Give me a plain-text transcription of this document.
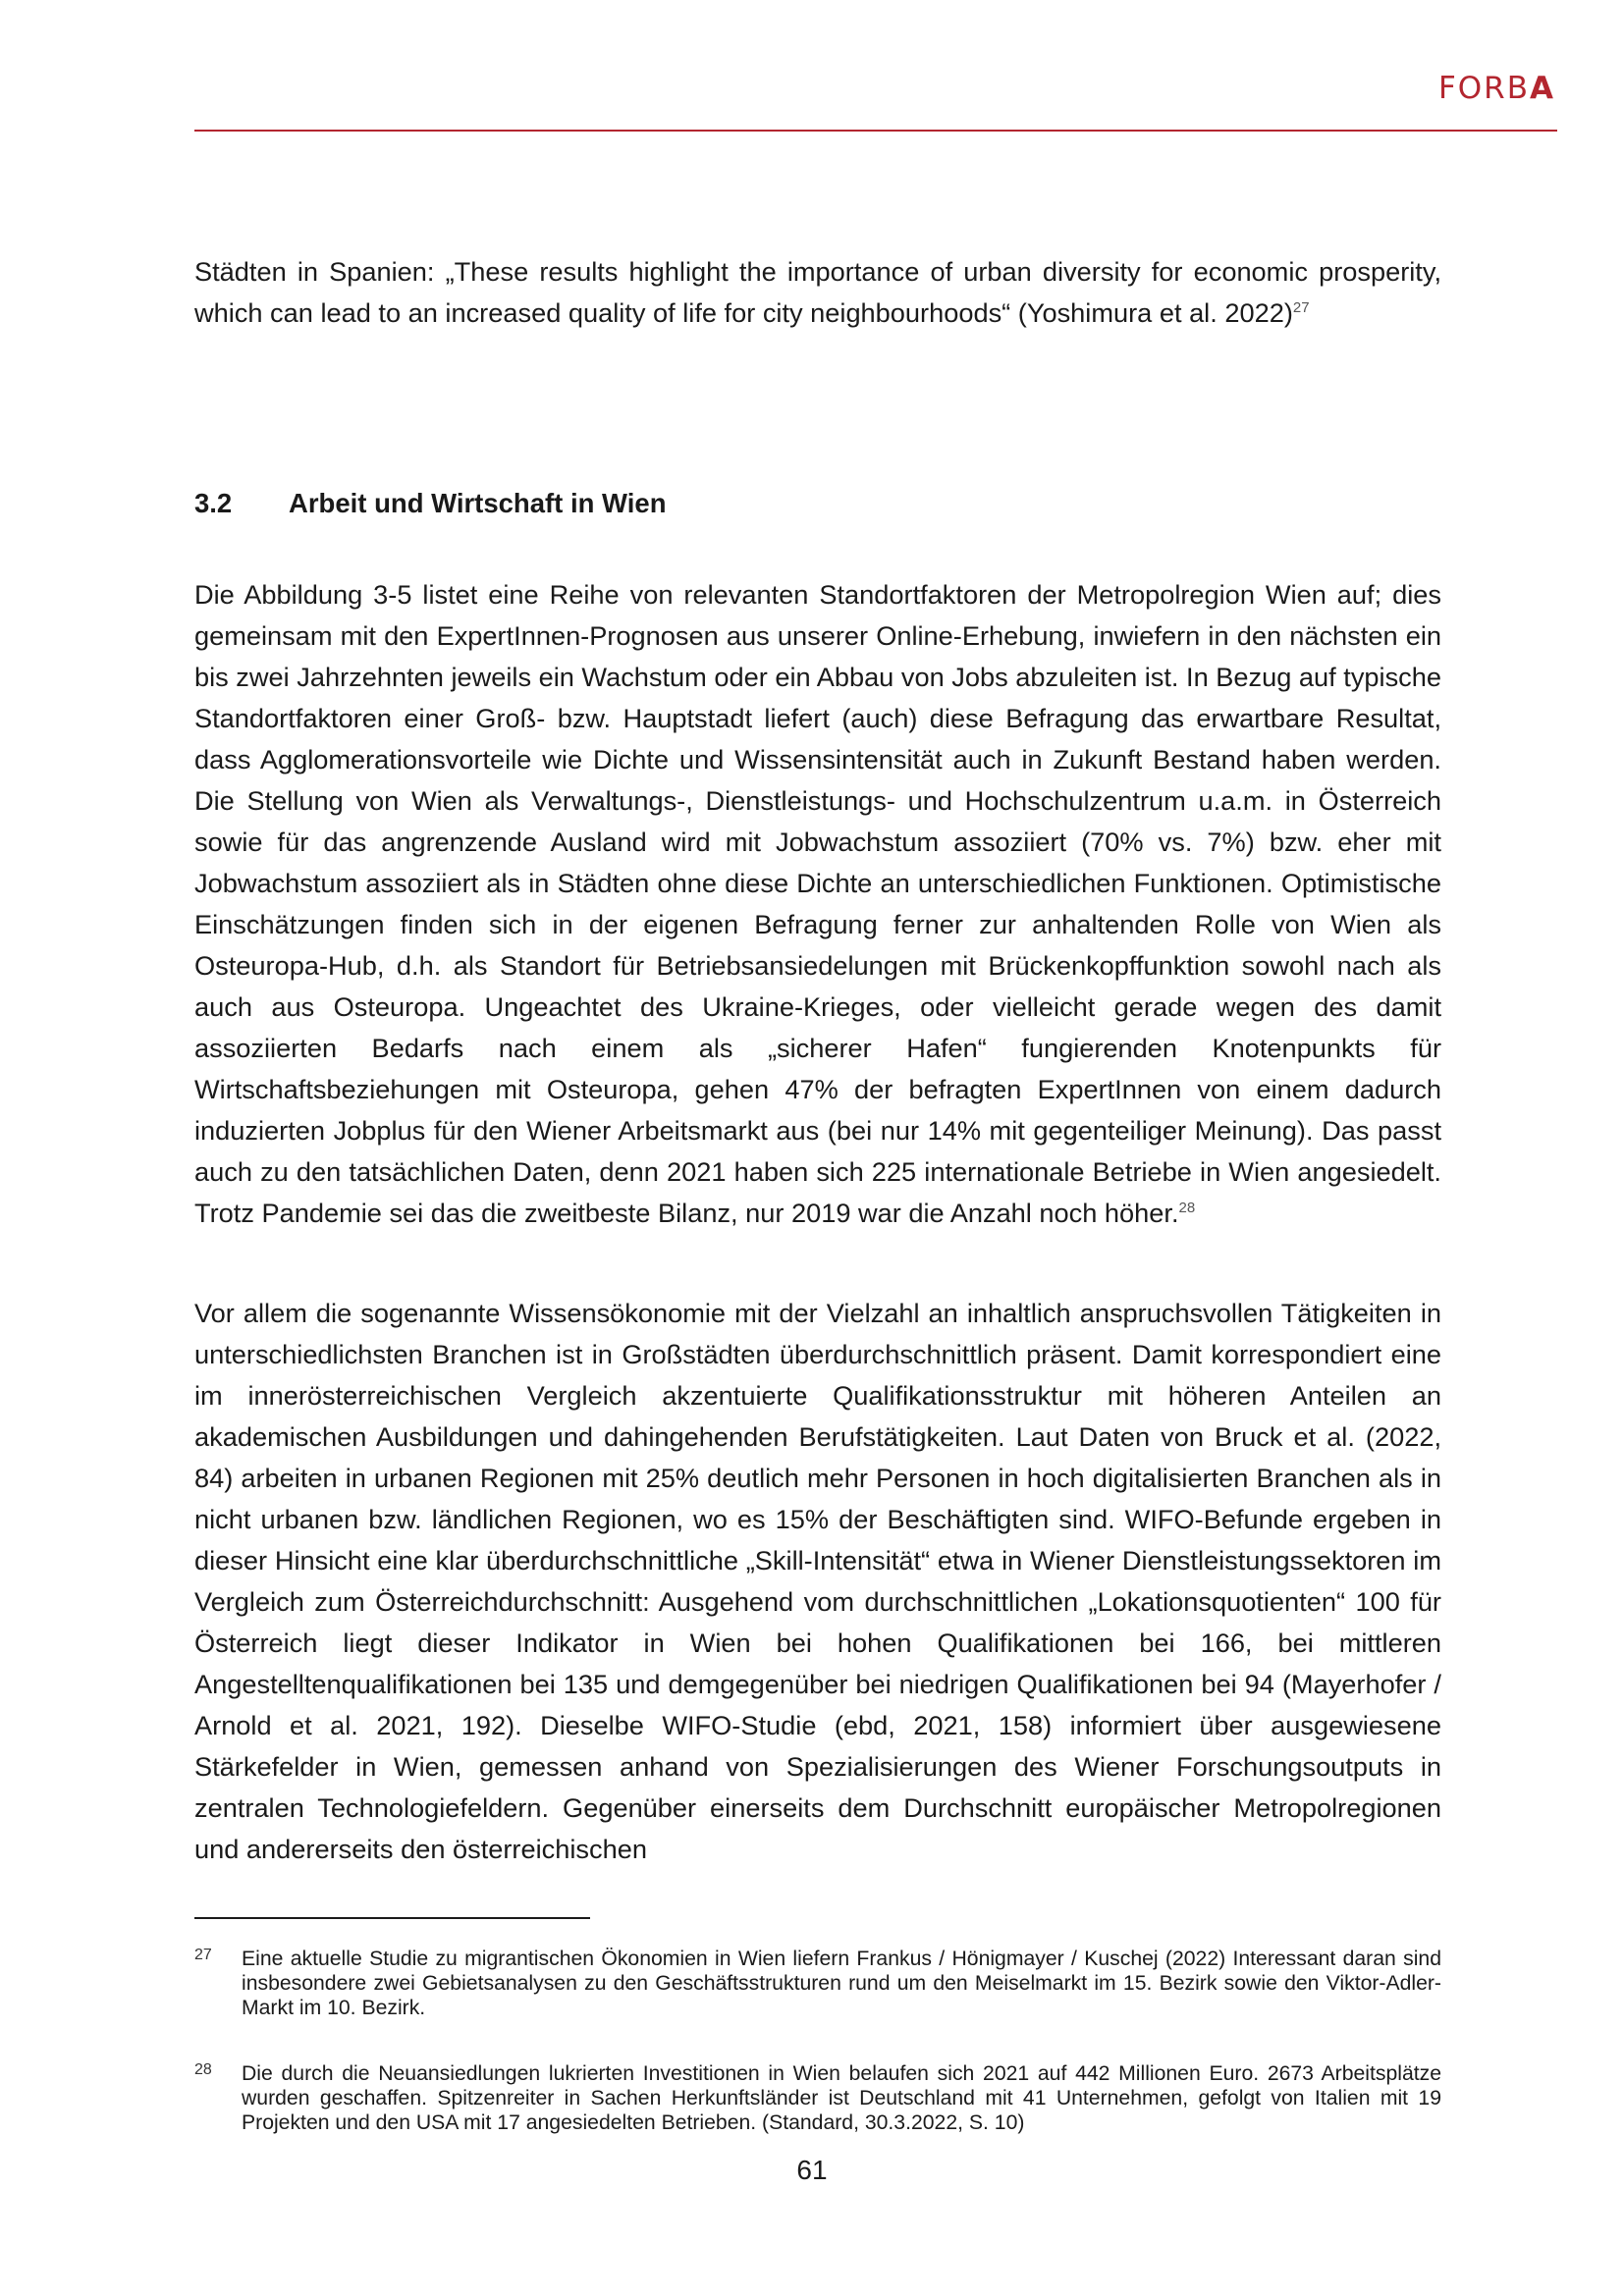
FORBA

Städten in Spanien: „These results highlight the importance of urban diversity for economic prosperity, which can lead to an increased quality of life for city neighbourhoods“ (Yoshimura et al. 2022)$^{27}$

3.2 Arbeit und Wirtschaft in Wien

Die Abbildung 3-5 listet eine Reihe von relevanten Standortfaktoren der Metropolregion Wien auf; dies gemeinsam mit den ExpertInnen-Prognosen aus unserer Online-Erhebung, inwiefern in den nächsten ein bis zwei Jahrzehnten jeweils ein Wachstum oder ein Abbau von Jobs abzuleiten ist. In Bezug auf typische Standortfaktoren einer Groß- bzw. Hauptstadt liefert (auch) diese Befragung das erwartbare Resultat, dass Agglomerationsvorteile wie Dichte und Wissensintensität auch in Zukunft Bestand haben werden. Die Stellung von Wien als Verwaltungs-, Dienstleistungs- und Hochschulzentrum u.a.m. in Österreich sowie für das angrenzende Ausland wird mit Jobwachstum assoziiert (70% vs. 7%) bzw. eher mit Jobwachstum assoziiert als in Städten ohne diese Dichte an unterschiedlichen Funktionen. Optimistische Einschätzungen finden sich in der eigenen Befragung ferner zur anhaltenden Rolle von Wien als Osteuropa-Hub, d.h. als Standort für Betriebsansiedelungen mit Brückenkopffunktion sowohl nach als auch aus Osteuropa. Ungeachtet des Ukraine-Krieges, oder vielleicht gerade wegen des damit assoziierten Bedarfs nach einem als „sicherer Hafen“ fungierenden Knotenpunkts für Wirtschaftsbeziehungen mit Osteuropa, gehen 47% der befragten ExpertInnen von einem dadurch induzierten Jobplus für den Wiener Arbeitsmarkt aus (bei nur 14% mit gegenteiliger Meinung). Das passt auch zu den tatsächlichen Daten, denn 2021 haben sich 225 internationale Betriebe in Wien angesiedelt. Trotz Pandemie sei das die zweitbeste Bilanz, nur 2019 war die Anzahl noch höher.$^{28}$

Vor allem die sogenannte Wissensökonomie mit der Vielzahl an inhaltlich anspruchsvollen Tätigkeiten in unterschiedlichsten Branchen ist in Großstädten überdurchschnittlich präsent. Damit korrespondiert eine im innerösterreichischen Vergleich akzentuierte Qualifikationsstruktur mit höheren Anteilen an akademischen Ausbildungen und dahingehenden Berufstätigkeiten. Laut Daten von Bruck et al. (2022, 84) arbeiten in urbanen Regionen mit 25% deutlich mehr Personen in hoch digitalisierten Branchen als in nicht urbanen bzw. ländlichen Regionen, wo es 15% der Beschäftigten sind. WIFO-Befunde ergeben in dieser Hinsicht eine klar überdurchschnittliche „Skill-Intensität“ etwa in Wiener Dienstleistungssektoren im Vergleich zum Österreichdurchschnitt: Ausgehend vom durchschnittlichen „Lokationsquotienten“ 100 für Österreich liegt dieser Indikator in Wien bei hohen Qualifikationen bei 166, bei mittleren Angestelltenqualifikationen bei 135 und demgegenüber bei niedrigen Qualifikationen bei 94 (Mayerhofer / Arnold et al. 2021, 192). Dieselbe WIFO-Studie (ebd, 2021, 158) informiert über ausgewiesene Stärkefelder in Wien, gemessen anhand von Spezialisierungen des Wiener Forschungsoutputs in zentralen Technologiefeldern. Gegenüber einerseits dem Durchschnitt europäischer Metropolregionen und andererseits den österreichischen

27 Eine aktuelle Studie zu migrantischen Ökonomien in Wien liefern Frankus / Hönigmayer / Kuschej (2022) Interessant daran sind insbesondere zwei Gebietsanalysen zu den Geschäftsstrukturen rund um den Meiselmarkt im 15. Bezirk sowie den Viktor-Adler-Markt im 10. Bezirk.
28 Die durch die Neuansiedlungen lukrierten Investitionen in Wien belaufen sich 2021 auf 442 Millionen Euro. 2673 Arbeitsplätze wurden geschaffen. Spitzenreiter in Sachen Herkunftsländer ist Deutschland mit 41 Unternehmen, gefolgt von Italien mit 19 Projekten und den USA mit 17 angesiedelten Betrieben. (Standard, 30.3.2022, S. 10)
61
